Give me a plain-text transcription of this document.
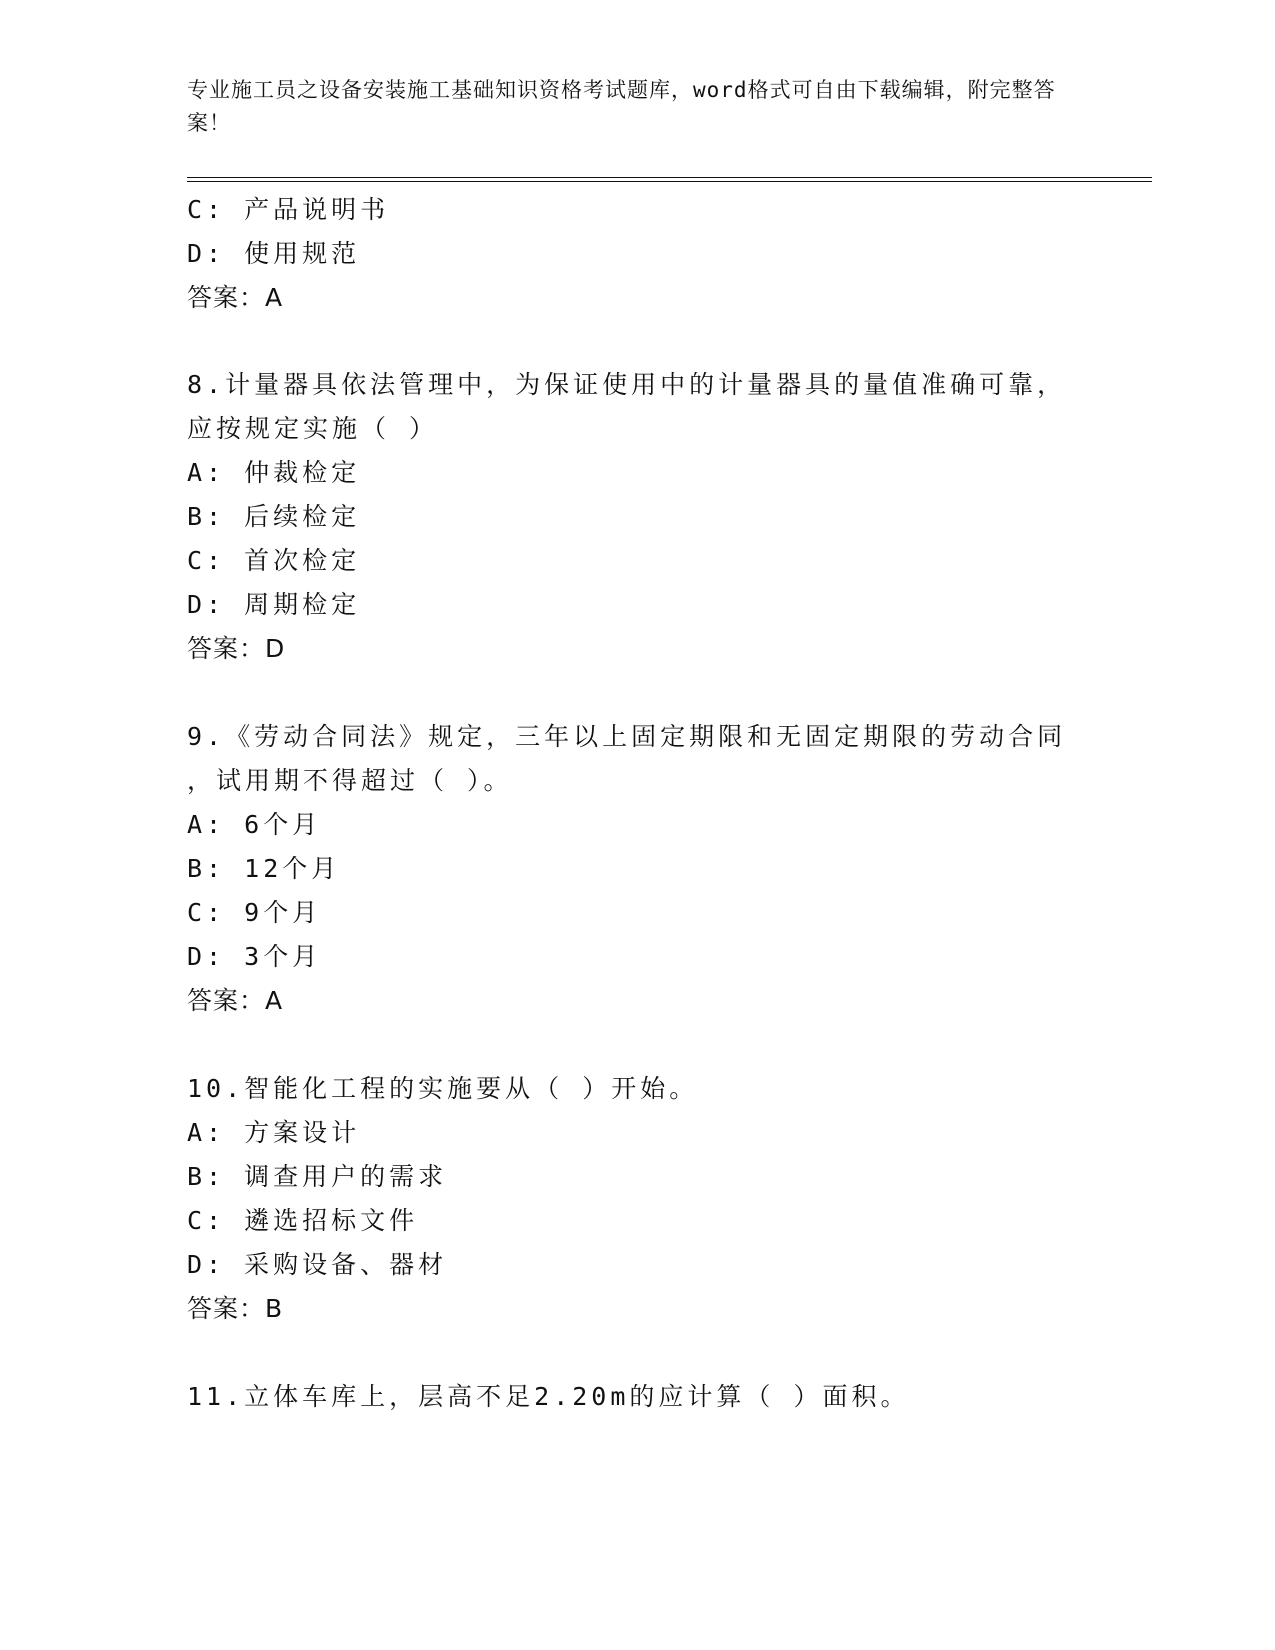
专业施工员之设备安装施工基础知识资格考试题库，word格式可自由下载编辑，附完整答案！
C: 产品说明书
D: 使用规范
答案：A
8.计量器具依法管理中，为保证使用中的计量器具的量值准确可靠，
应按规定实施（ ）
A: 仲裁检定
B: 后续检定
C: 首次检定
D: 周期检定
答案：D
9.《劳动合同法》规定，三年以上固定期限和无固定期限的劳动合同
，试用期不得超过（ ）。
A: 6个月
B: 12个月
C: 9个月
D: 3个月
答案：A
10.智能化工程的实施要从（ ）开始。
A: 方案设计
B: 调查用户的需求
C: 遴选招标文件
D: 采购设备、器材
答案：B
11.立体车库上，层高不足2.20m的应计算（ ）面积。
